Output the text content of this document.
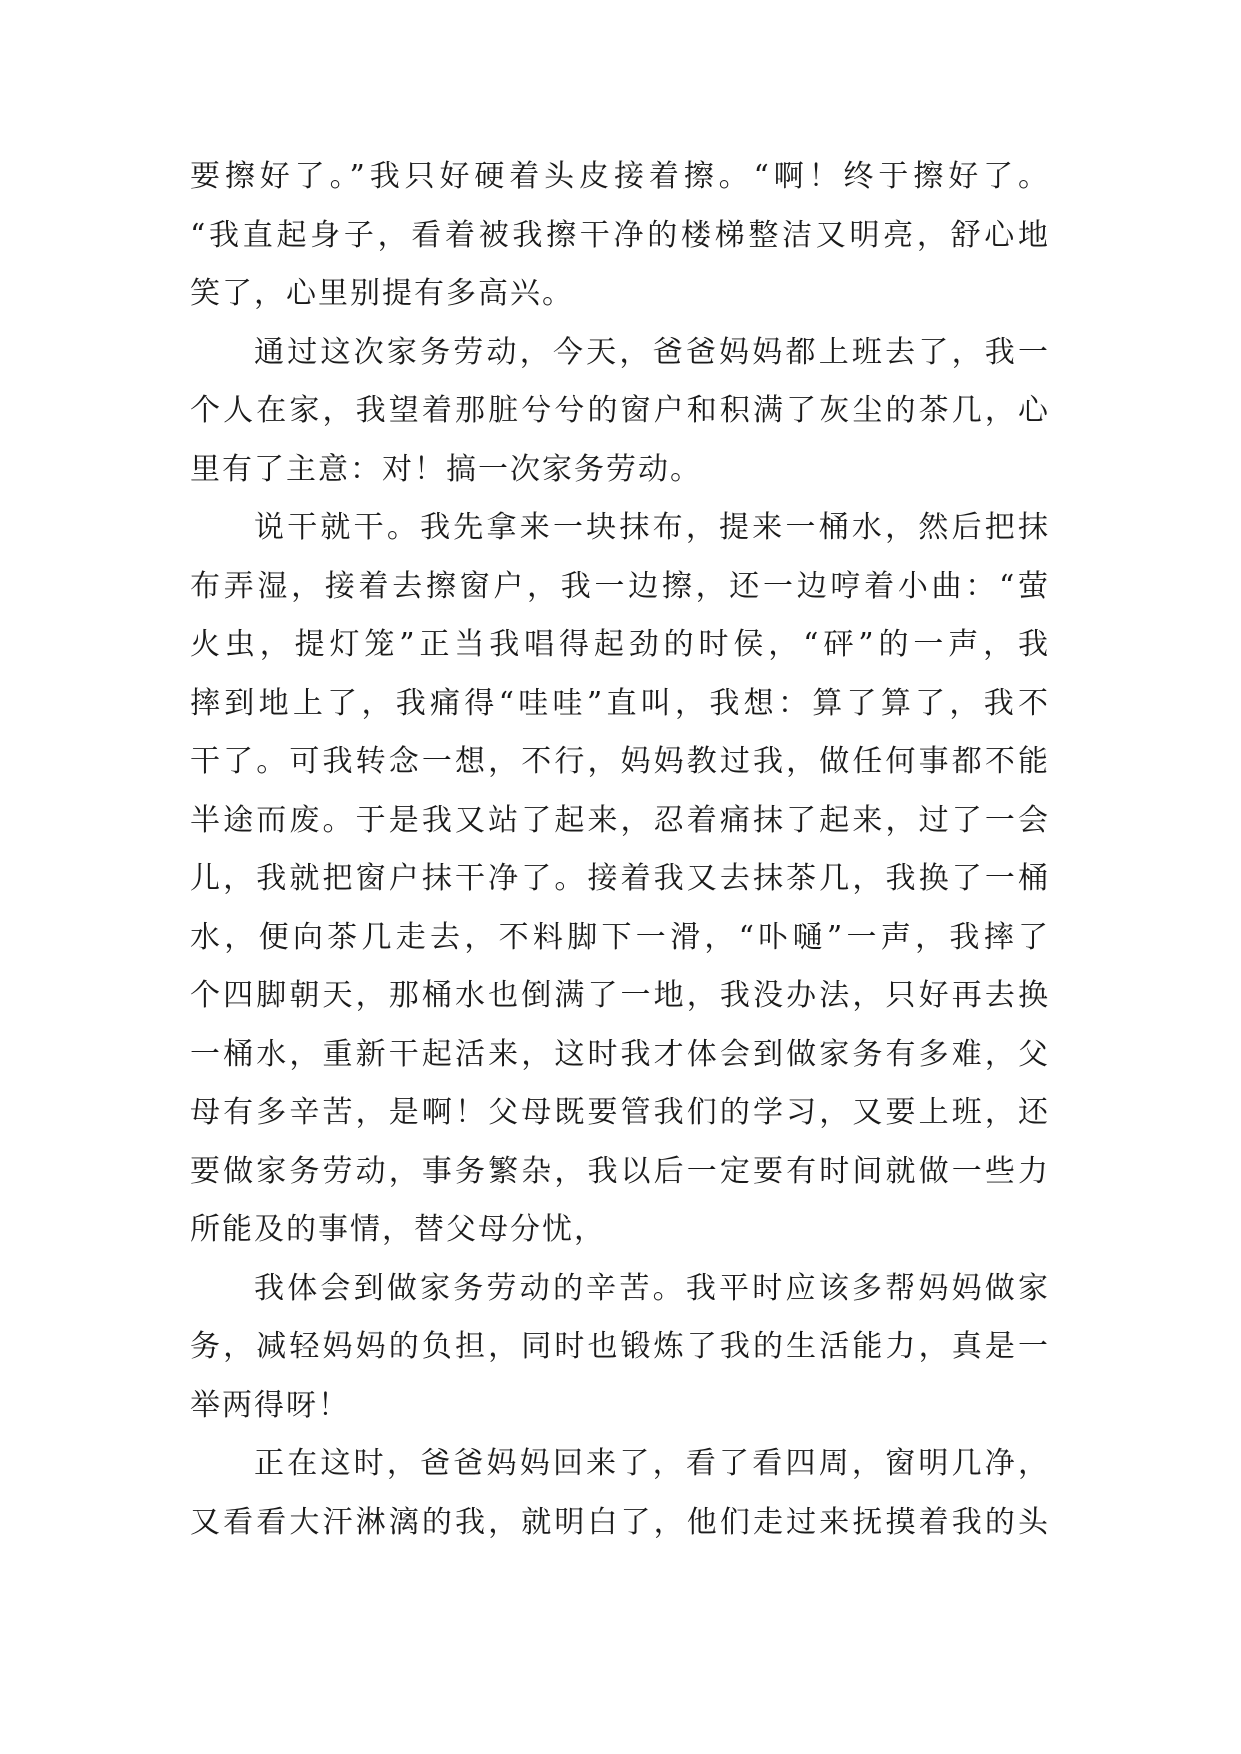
要擦好了。”我只好硬着头皮接着擦。“啊！终于擦好了。
“我直起身子，看着被我擦干净的楼梯整洁又明亮，舒心地
笑了，心里别提有多高兴。
通过这次家务劳动，今天，爸爸妈妈都上班去了，我一
个人在家，我望着那脏兮兮的窗户和积满了灰尘的茶几，心
里有了主意：对！搞一次家务劳动。
说干就干。我先拿来一块抹布，提来一桶水，然后把抹
布弄湿，接着去擦窗户，我一边擦，还一边哼着小曲：“萤
火虫，提灯笼”正当我唱得起劲的时侯，“砰”的一声，我
摔到地上了，我痛得“哇哇”直叫，我想：算了算了，我不
干了。可我转念一想，不行，妈妈教过我，做任何事都不能
半途而废。于是我又站了起来，忍着痛抹了起来，过了一会
儿，我就把窗户抹干净了。接着我又去抹茶几，我换了一桶
水，便向茶几走去，不料脚下一滑，“卟嗵”一声，我摔了
个四脚朝天，那桶水也倒满了一地，我没办法，只好再去换
一桶水，重新干起活来，这时我才体会到做家务有多难，父
母有多辛苦，是啊！父母既要管我们的学习，又要上班，还
要做家务劳动，事务繁杂，我以后一定要有时间就做一些力
所能及的事情，替父母分忧，
我体会到做家务劳动的辛苦。我平时应该多帮妈妈做家
务，减轻妈妈的负担，同时也锻炼了我的生活能力，真是一
举两得呀！
正在这时，爸爸妈妈回来了，看了看四周，窗明几净，
又看看大汗淋漓的我，就明白了，他们走过来抚摸着我的头
